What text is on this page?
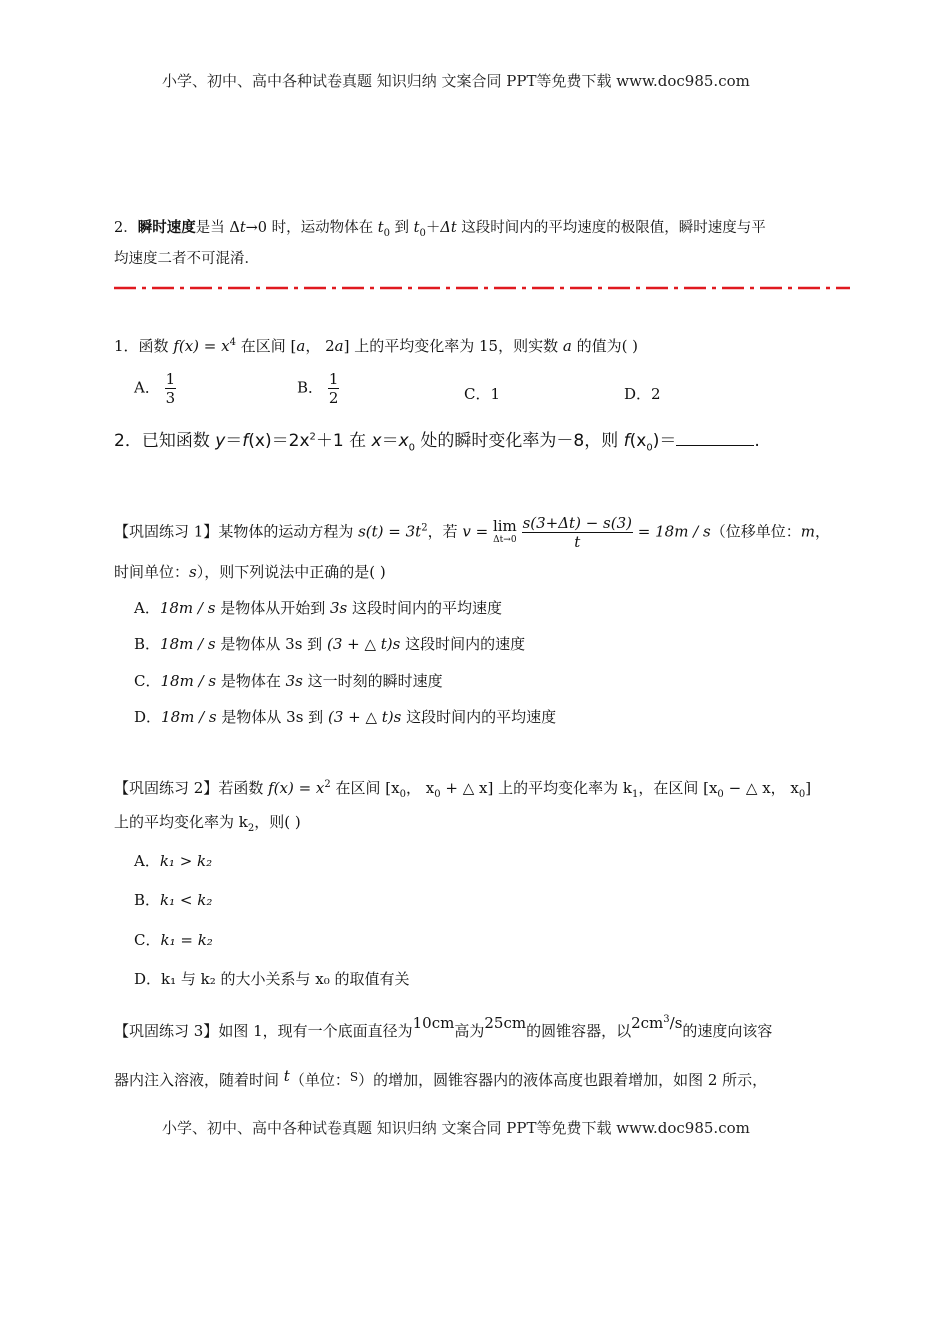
小学、初中、高中各种试卷真题 知识归纳 文案合同 PPT等免费下载 www.doc985.com
2．瞬时速度是当 Δt→0 时，运动物体在 $t_0$ 到 $t_0+\Delta t$ 这段时间内的平均速度的极限值，瞬时速度与平
均速度二者不可混淆．
1．函数 $f(x) = x^4$ 在区间 [a， 2a] 上的平均变化率为 15，则实数 a 的值为( )
A． $\frac{1}{3}$	B． $\frac{1}{2}$	C．1	D．2
2．已知函数 $y=f(x)=2x^2+1$ 在 $x=x_0$ 处的瞬时变化率为－8，则 $f(x_0)=$	.
【巩固练习 1】某物体的运动方程为 $s(t) = 3t^2$，若 v = lim
Δt→0
$\frac{s(3+\Delta t) - s(3)}{t} = 18m / s$（位移单位：m，
时间单位：s），则下列说法中正确的是( )
A．18m / s 是物体从开始到 3s 这段时间内的平均速度
B．18m / s 是物体从 3s 到 (3 + △ t)s 这段时间内的速度
C．18m / s 是物体在 3s 这一时刻的瞬时速度
D．18m / s 是物体从 3s 到 (3 + △ t)s 这段时间内的平均速度
【巩固练习 2】若函数 $f(x) = x^2$ 在区间 [$x_0$， $x_0$ + △ x] 上的平均变化率为 $k_1$，在区间 [$x_0$ − △ x， $x_0$]
上的平均变化率为 $k_2$，则( )
A．k₁ > k₂
B．k₁ < k₂
C．k₁ = k₂
D．k₁ 与 k₂ 的大小关系与 x₀ 的取值有关
【巩固练习 3】如图 1，现有一个底面直径为10cm高为25cm的圆锥容器，以$2cm^3/s$的速度向该容
器内注入溶液，随着时间 t（单位：$^S$）的增加，圆锥容器内的液体高度也跟着增加，如图 2 所示，
小学、初中、高中各种试卷真题 知识归纳 文案合同 PPT等免费下载 www.doc985.com
